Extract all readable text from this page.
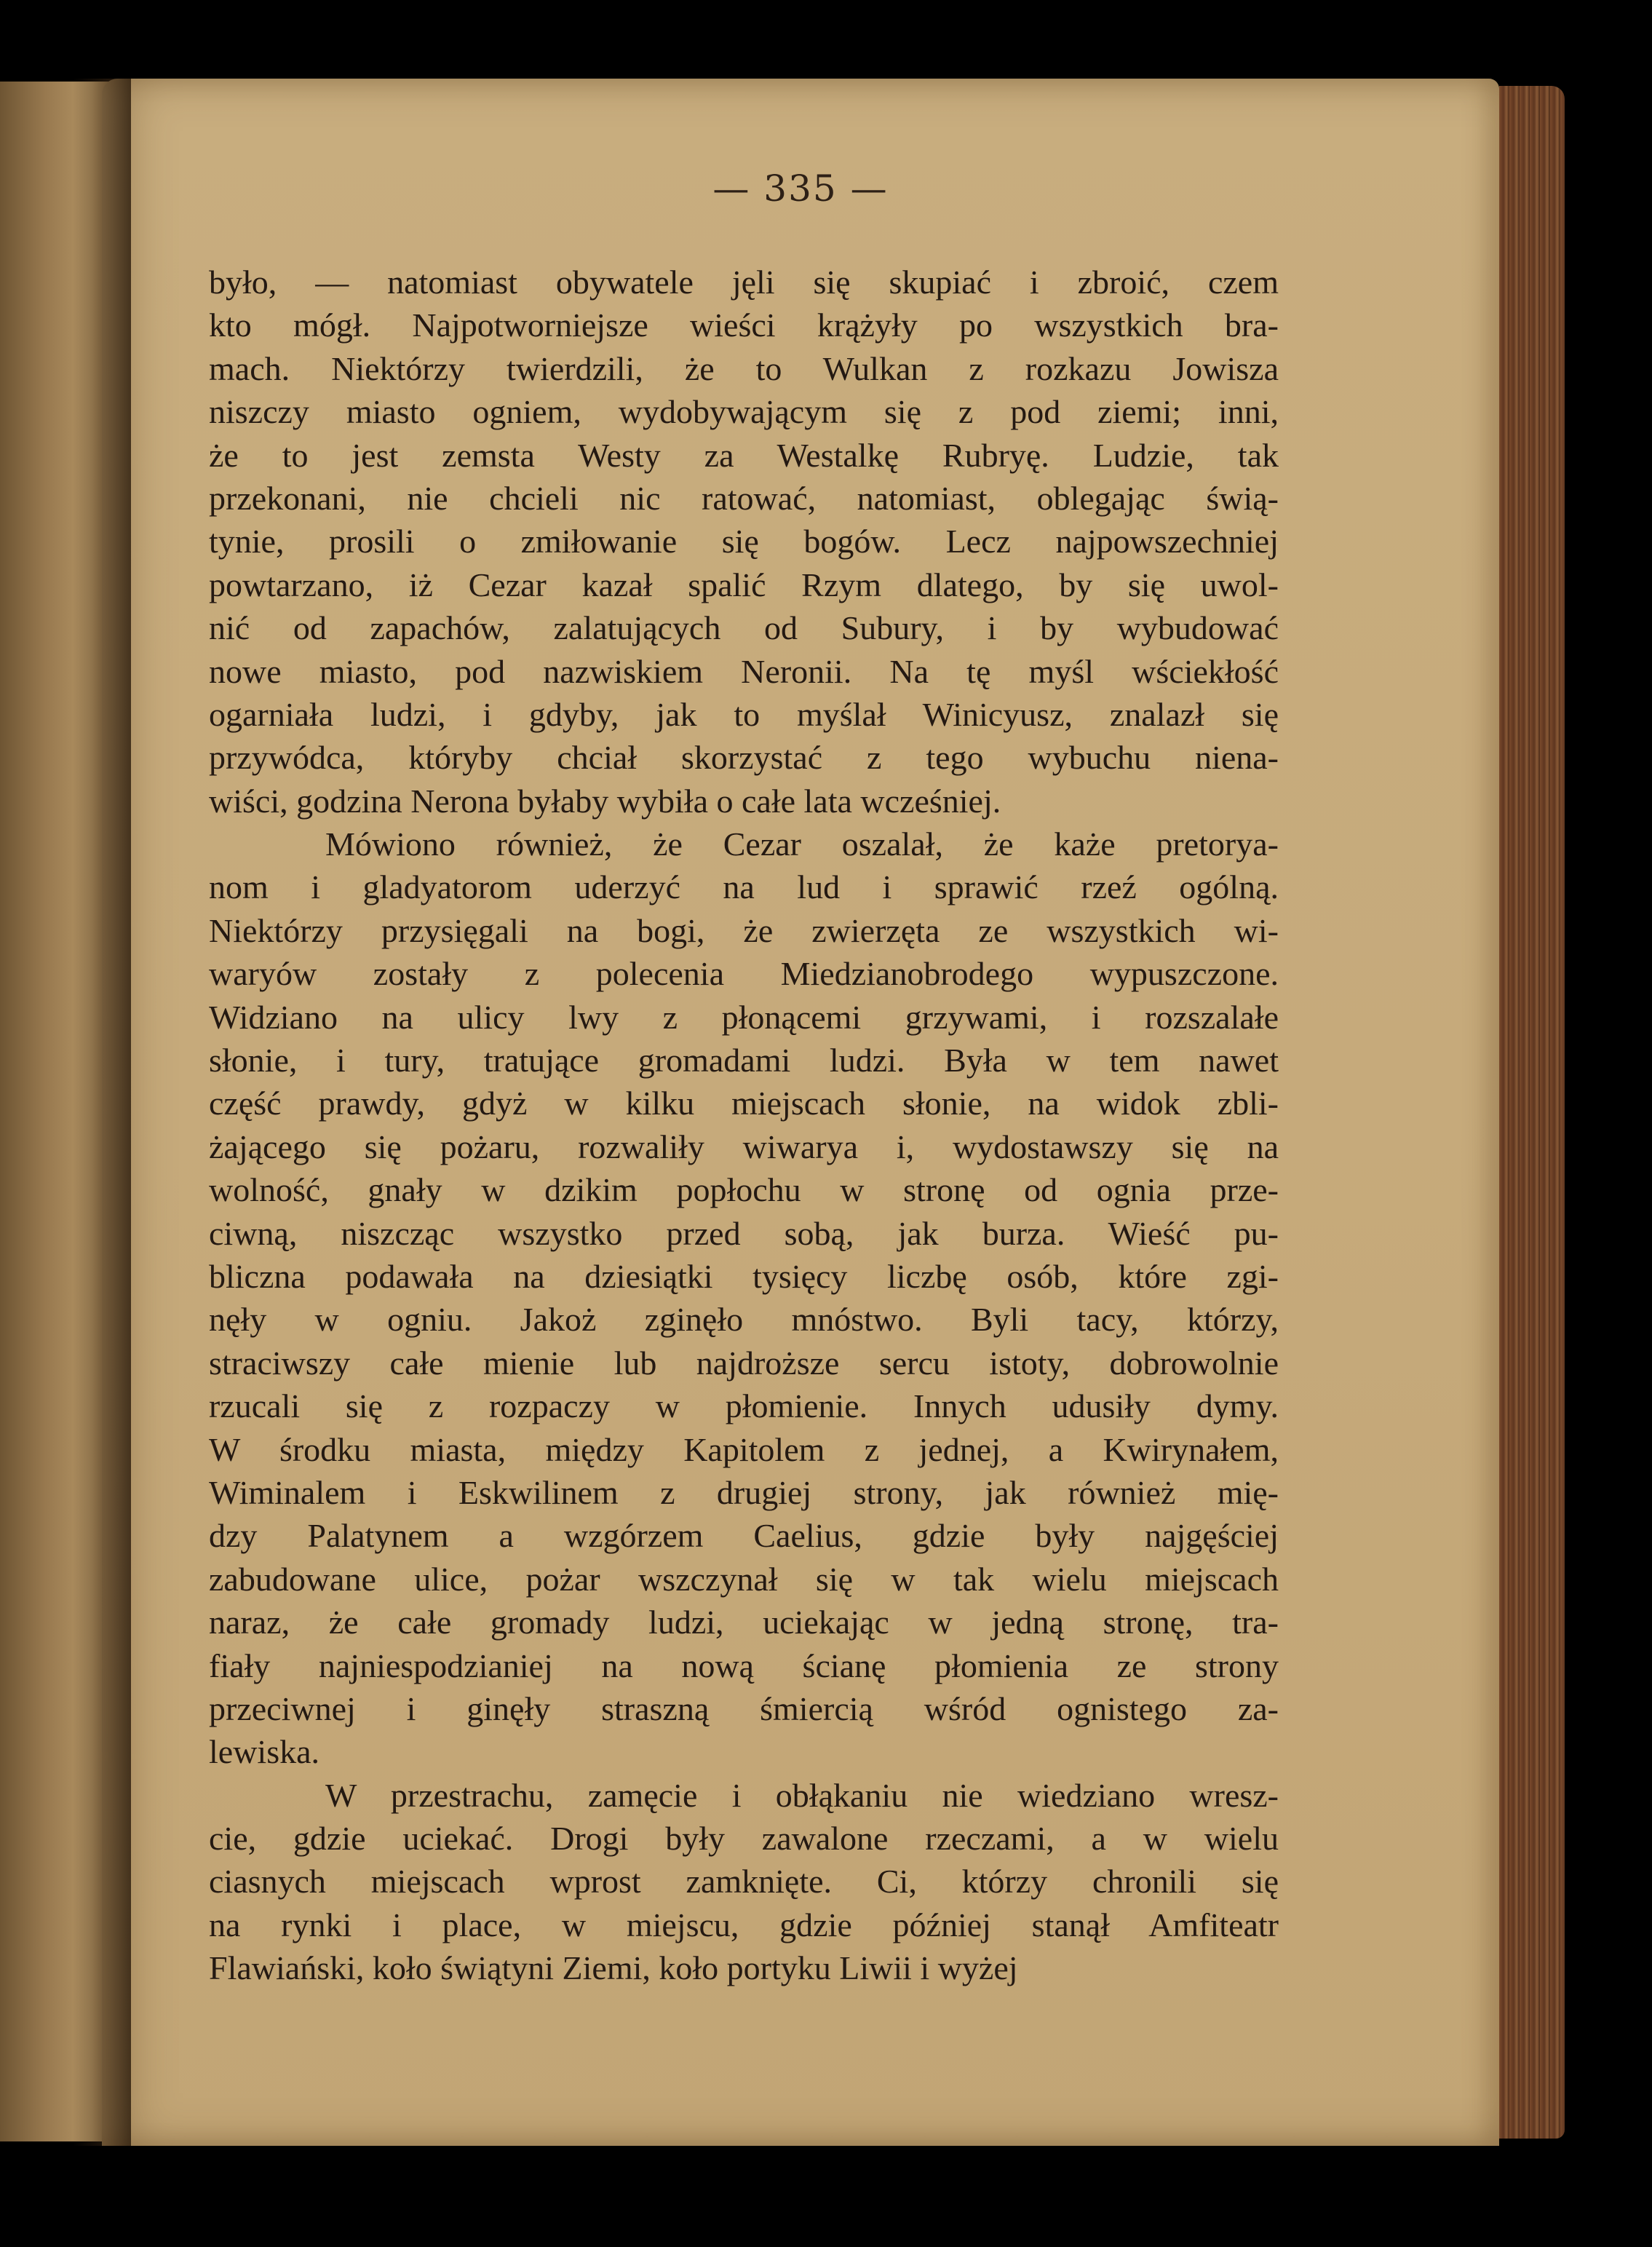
— 335 —
było, — natomiast obywatele jęli się skupiać i zbroić, czem
kto mógł. Najpotworniejsze wieści krążyły po wszystkich bra-
mach. Niektórzy twierdzili, że to Wulkan z rozkazu Jowisza
niszczy miasto ogniem, wydobywającym się z pod ziemi; inni,
że to jest zemsta Westy za Westalkę Rubryę. Ludzie, tak
przekonani, nie chcieli nic ratować, natomiast, oblegając świą-
tynie, prosili o zmiłowanie się bogów. Lecz najpowszechniej
powtarzano, iż Cezar kazał spalić Rzym dlatego, by się uwol-
nić od zapachów, zalatujących od Subury, i by wybudować
nowe miasto, pod nazwiskiem Neronii. Na tę myśl wściekłość
ogarniała ludzi, i gdyby, jak to myślał Winicyusz, znalazł się
przywódca, któryby chciał skorzystać z tego wybuchu niena-
wiści, godzina Nerona byłaby wybiła o całe lata wcześniej.
Mówiono również, że Cezar oszalał, że każe pretorya-
nom i gladyatorom uderzyć na lud i sprawić rzeź ogólną.
Niektórzy przysięgali na bogi, że zwierzęta ze wszystkich wi-
waryów zostały z polecenia Miedzianobrodego wypuszczone.
Widziano na ulicy lwy z płonącemi grzywami, i rozszalałe
słonie, i tury, tratujące gromadami ludzi. Była w tem nawet
część prawdy, gdyż w kilku miejscach słonie, na widok zbli-
żającego się pożaru, rozwaliły wiwarya i, wydostawszy się na
wolność, gnały w dzikim popłochu w stronę od ognia prze-
ciwną, niszcząc wszystko przed sobą, jak burza. Wieść pu-
bliczna podawała na dziesiątki tysięcy liczbę osób, które zgi-
nęły w ogniu. Jakoż zginęło mnóstwo. Byli tacy, którzy,
straciwszy całe mienie lub najdroższe sercu istoty, dobrowolnie
rzucali się z rozpaczy w płomienie. Innych udusiły dymy.
W środku miasta, między Kapitolem z jednej, a Kwirynałem,
Wiminalem i Eskwilinem z drugiej strony, jak również mię-
dzy Palatynem a wzgórzem Caelius, gdzie były najgęściej
zabudowane ulice, pożar wszczynał się w tak wielu miejscach
naraz, że całe gromady ludzi, uciekając w jedną stronę, tra-
fiały najniespodzianiej na nową ścianę płomienia ze strony
przeciwnej i ginęły straszną śmiercią wśród ognistego za-
lewiska.
W przestrachu, zamęcie i obłąkaniu nie wiedziano wresz-
cie, gdzie uciekać. Drogi były zawalone rzeczami, a w wielu
ciasnych miejscach wprost zamknięte. Ci, którzy chronili się
na rynki i place, w miejscu, gdzie później stanął Amfiteatr
Flawiański, koło świątyni Ziemi, koło portyku Liwii i wyżej
